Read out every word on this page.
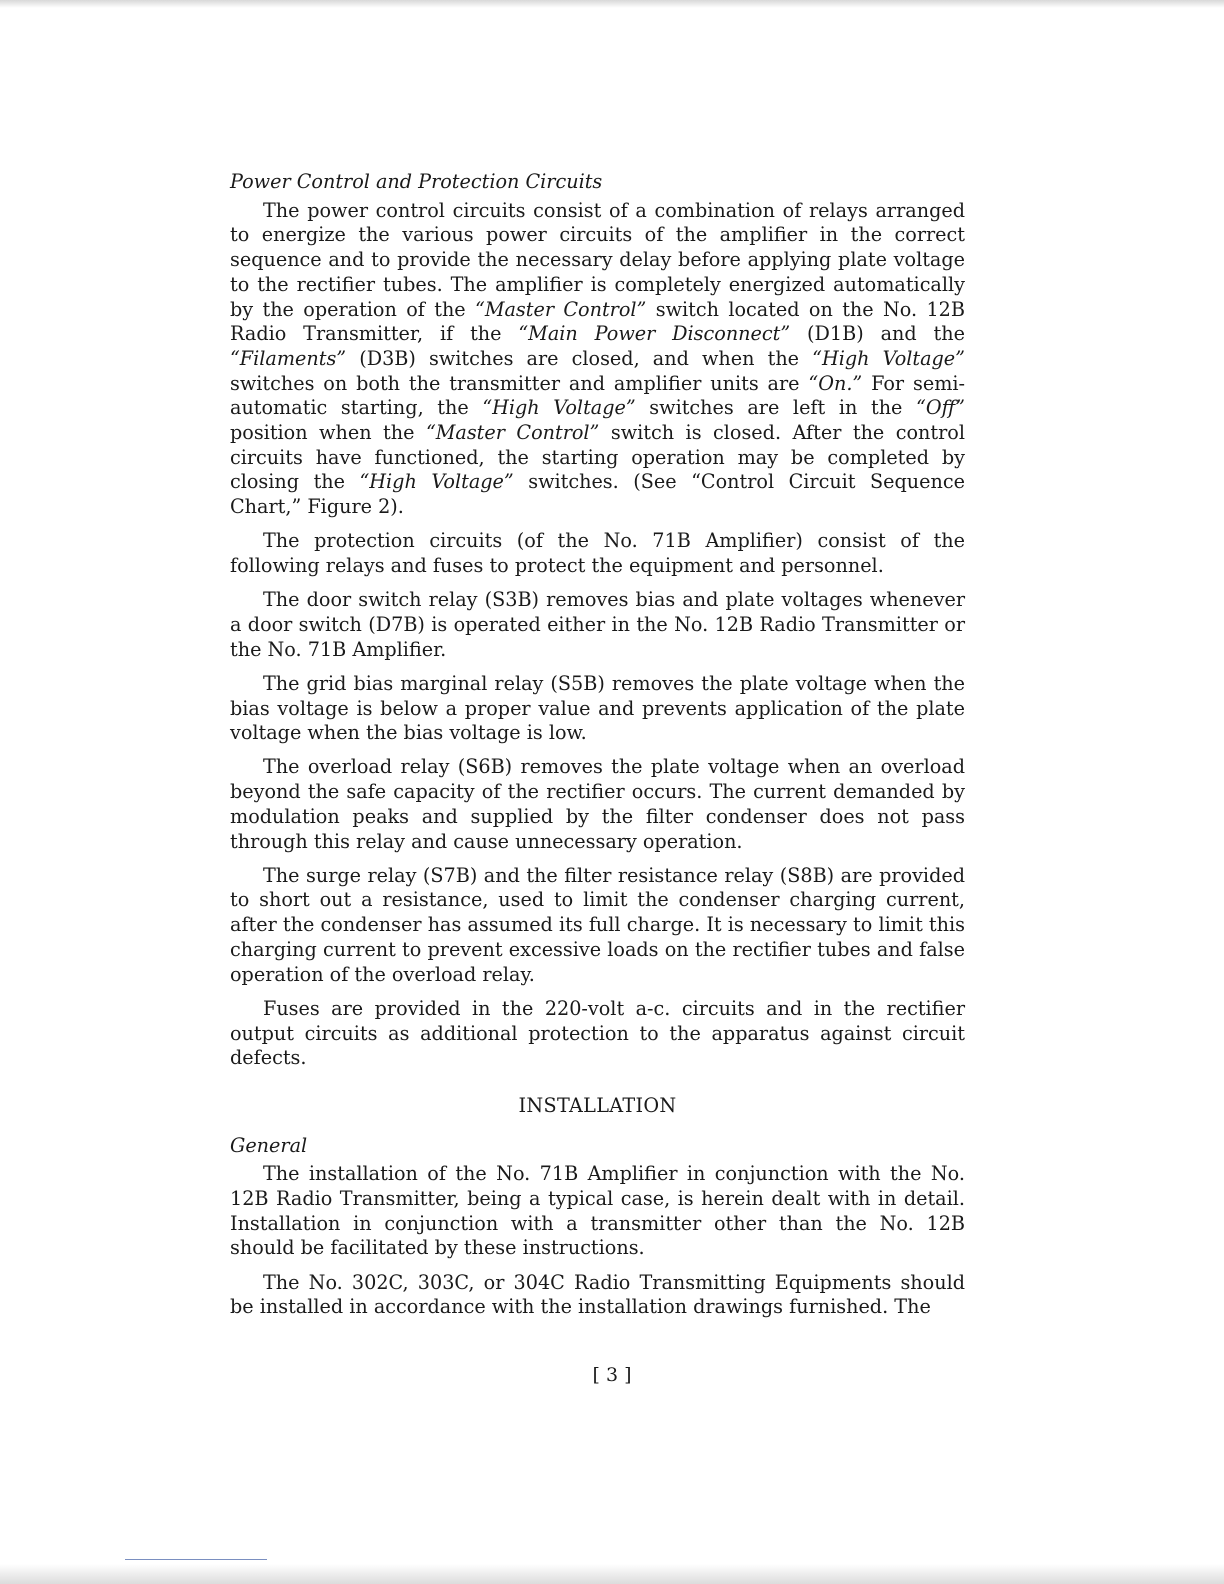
Power Control and Protection Circuits

The power control circuits consist of a combination of relays arranged to energize the various power circuits of the amplifier in the correct sequence and to provide the necessary delay before applying plate voltage to the rectifier tubes. The amplifier is completely energized automatically by the operation of the “Master Control” switch located on the No. 12B Radio Transmitter, if the “Main Power Disconnect” (D1B) and the “Filaments” (D3B) switches are closed, and when the “High Voltage” switches on both the transmitter and amplifier units are “On.” For semi-automatic starting, the “High Voltage” switches are left in the “Off” position when the “Master Control” switch is closed. After the control circuits have functioned, the starting operation may be completed by closing the “High Voltage” switches. (See “Control Circuit Sequence Chart,” Figure 2).

The protection circuits (of the No. 71B Amplifier) consist of the following relays and fuses to protect the equipment and personnel.

The door switch relay (S3B) removes bias and plate voltages whenever a door switch (D7B) is operated either in the No. 12B Radio Transmitter or the No. 71B Amplifier.

The grid bias marginal relay (S5B) removes the plate voltage when the bias voltage is below a proper value and prevents application of the plate voltage when the bias voltage is low.

The overload relay (S6B) removes the plate voltage when an overload beyond the safe capacity of the rectifier occurs. The current demanded by modulation peaks and supplied by the filter condenser does not pass through this relay and cause unnecessary operation.

The surge relay (S7B) and the filter resistance relay (S8B) are provided to short out a resistance, used to limit the condenser charging current, after the condenser has assumed its full charge. It is necessary to limit this charging current to prevent excessive loads on the rectifier tubes and false operation of the overload relay.

Fuses are provided in the 220-volt a-c. circuits and in the rectifier output circuits as additional protection to the apparatus against circuit defects.

INSTALLATION
General

The installation of the No. 71B Amplifier in conjunction with the No. 12B Radio Transmitter, being a typical case, is herein dealt with in detail. Installation in conjunction with a transmitter other than the No. 12B should be facilitated by these instructions.

The No. 302C, 303C, or 304C Radio Transmitting Equipments should be installed in accordance with the installation drawings furnished. The

[ 3 ]
